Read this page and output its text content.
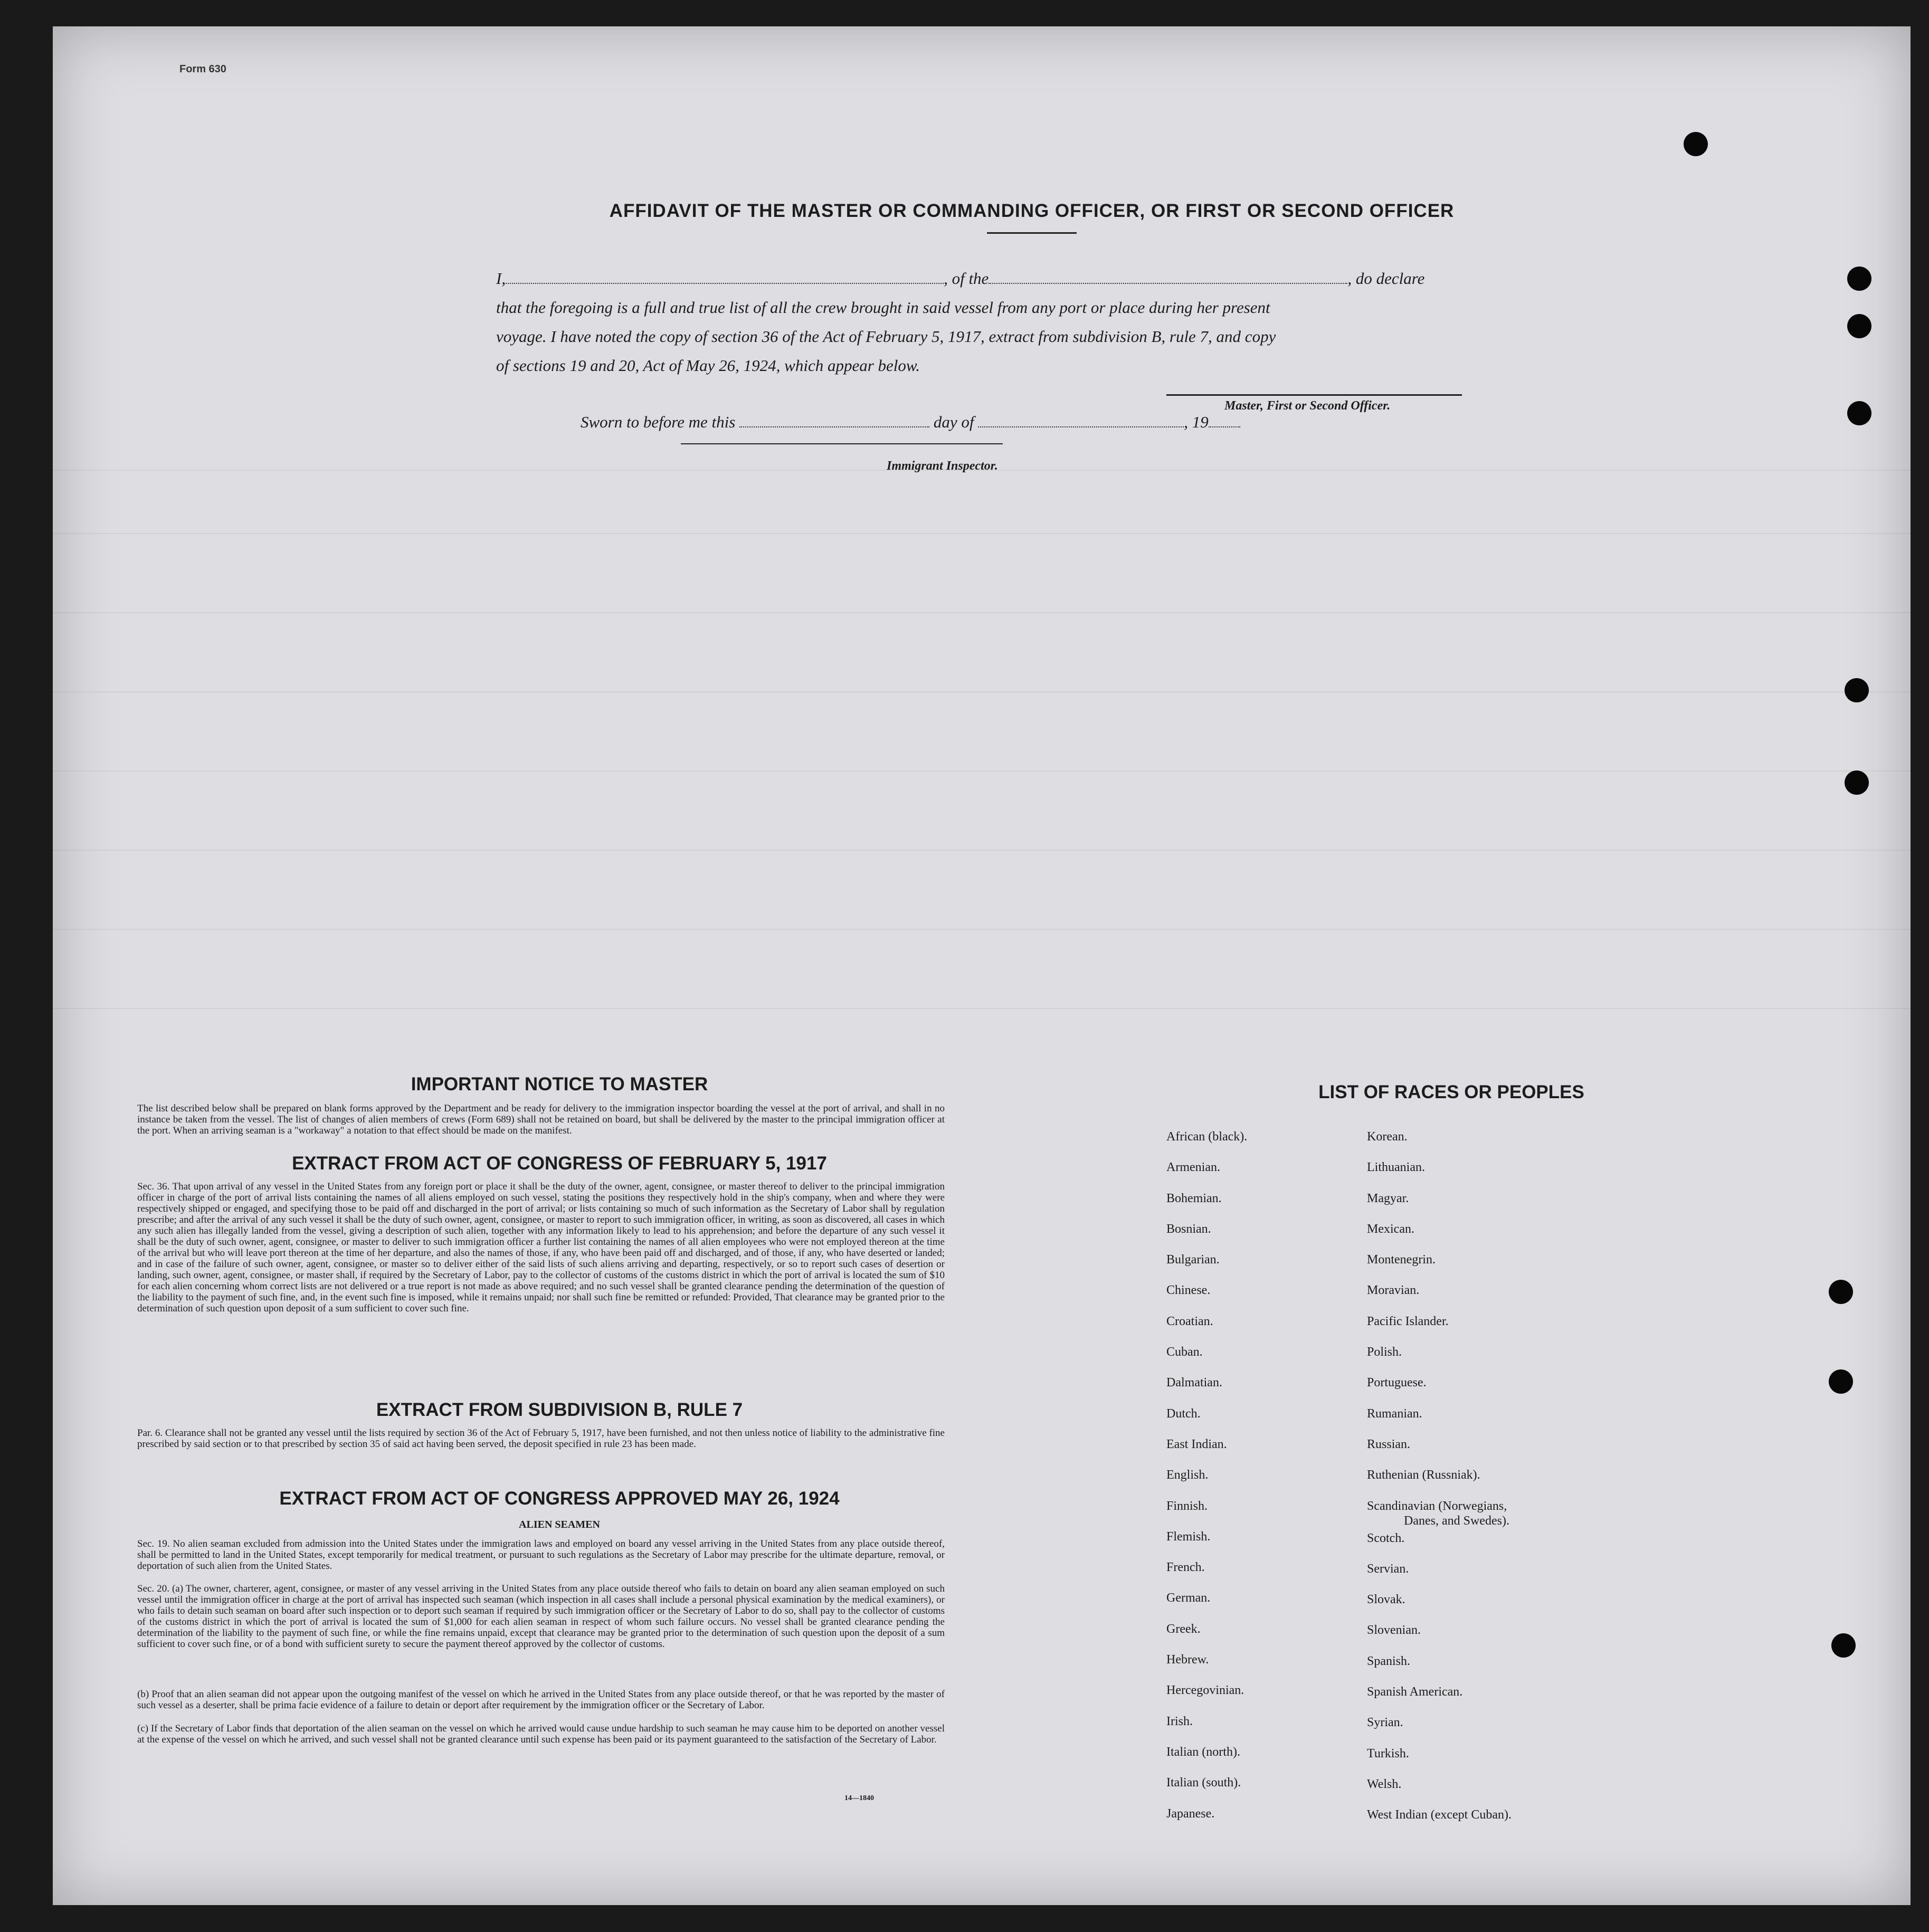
Form 630
AFFIDAVIT OF THE MASTER OR COMMANDING OFFICER, OR FIRST OR SECOND OFFICER
I,	, of the	, do declare
that the foregoing is a full and true list of all the crew brought in said vessel from any port or place during her present
voyage. I have noted the copy of section 36 of the Act of February 5, 1917, extract from subdivision B, rule 7, and copy
of sections 19 and 20, Act of May 26, 1924, which appear below.
Master, First or Second Officer.
Sworn to before me this	day of	, 19
Immigrant Inspector.
IMPORTANT NOTICE TO MASTER
The list described below shall be prepared on blank forms approved by the Department and be ready for delivery to the immigration inspector boarding the vessel at the port of arrival, and shall in no instance be taken from the vessel. The list of changes of alien members of crews (Form 689) shall not be retained on board, but shall be delivered by the master to the principal immigration officer at the port. When an arriving seaman is a "workaway" a notation to that effect should be made on the manifest.
EXTRACT FROM ACT OF CONGRESS OF FEBRUARY 5, 1917
Sec. 36. That upon arrival of any vessel in the United States from any foreign port or place it shall be the duty of the owner, agent, consignee, or master thereof to deliver to the principal immigration officer in charge of the port of arrival lists containing the names of all aliens employed on such vessel, stating the positions they respectively hold in the ship's company, when and where they were respectively shipped or engaged, and specifying those to be paid off and discharged in the port of arrival; or lists containing so much of such information as the Secretary of Labor shall by regulation prescribe; and after the arrival of any such vessel it shall be the duty of such owner, agent, consignee, or master to report to such immigration officer, in writing, as soon as discovered, all cases in which any such alien has illegally landed from the vessel, giving a description of such alien, together with any information likely to lead to his apprehension; and before the departure of any such vessel it shall be the duty of such owner, agent, consignee, or master to deliver to such immigration officer a further list containing the names of all alien employees who were not employed thereon at the time of the arrival but who will leave port thereon at the time of her departure, and also the names of those, if any, who have been paid off and discharged, and of those, if any, who have deserted or landed; and in case of the failure of such owner, agent, consignee, or master so to deliver either of the said lists of such aliens arriving and departing, respectively, or so to report such cases of desertion or landing, such owner, agent, consignee, or master shall, if required by the Secretary of Labor, pay to the collector of customs of the customs district in which the port of arrival is located the sum of $10 for each alien concerning whom correct lists are not delivered or a true report is not made as above required; and no such vessel shall be granted clearance pending the determination of the question of the liability to the payment of such fine, and, in the event such fine is imposed, while it remains unpaid; nor shall such fine be remitted or refunded: Provided, That clearance may be granted prior to the determination of such question upon deposit of a sum sufficient to cover such fine.
EXTRACT FROM SUBDIVISION B, RULE 7
Par. 6. Clearance shall not be granted any vessel until the lists required by section 36 of the Act of February 5, 1917, have been furnished, and not then unless notice of liability to the administrative fine prescribed by said section or to that prescribed by section 35 of said act having been served, the deposit specified in rule 23 has been made.
EXTRACT FROM ACT OF CONGRESS APPROVED MAY 26, 1924
ALIEN SEAMEN
Sec. 19. No alien seaman excluded from admission into the United States under the immigration laws and employed on board any vessel arriving in the United States from any place outside thereof, shall be permitted to land in the United States, except temporarily for medical treatment, or pursuant to such regulations as the Secretary of Labor may prescribe for the ultimate departure, removal, or deportation of such alien from the United States.
Sec. 20. (a) The owner, charterer, agent, consignee, or master of any vessel arriving in the United States from any place outside thereof who fails to detain on board any alien seaman employed on such vessel until the immigration officer in charge at the port of arrival has inspected such seaman (which inspection in all cases shall include a personal physical examination by the medical examiners), or who fails to detain such seaman on board after such inspection or to deport such seaman if required by such immigration officer or the Secretary of Labor to do so, shall pay to the collector of customs of the customs district in which the port of arrival is located the sum of $1,000 for each alien seaman in respect of whom such failure occurs. No vessel shall be granted clearance pending the determination of the liability to the payment of such fine, or while the fine remains unpaid, except that clearance may be granted prior to the determination of such question upon the deposit of a sum sufficient to cover such fine, or of a bond with sufficient surety to secure the payment thereof approved by the collector of customs.
(b) Proof that an alien seaman did not appear upon the outgoing manifest of the vessel on which he arrived in the United States from any place outside thereof, or that he was reported by the master of such vessel as a deserter, shall be prima facie evidence of a failure to detain or deport after requirement by the immigration officer or the Secretary of Labor.
(c) If the Secretary of Labor finds that deportation of the alien seaman on the vessel on which he arrived would cause undue hardship to such seaman he may cause him to be deported on another vessel at the expense of the vessel on which he arrived, and such vessel shall not be granted clearance until such expense has been paid or its payment guaranteed to the satisfaction of the Secretary of Labor.
14—1840
LIST OF RACES OR PEOPLES
African (black).
Armenian.
Bohemian.
Bosnian.
Bulgarian.
Chinese.
Croatian.
Cuban.
Dalmatian.
Dutch.
East Indian.
English.
Finnish.
Flemish.
French.
German.
Greek.
Hebrew.
Hercegovinian.
Irish.
Italian (north).
Italian (south).
Japanese.
Korean.
Lithuanian.
Magyar.
Mexican.
Montenegrin.
Moravian.
Pacific Islander.
Polish.
Portuguese.
Rumanian.
Russian.
Ruthenian (Russniak).
Scandinavian (Norwegians,
Danes, and Swedes).
Scotch.
Servian.
Slovak.
Slovenian.
Spanish.
Spanish American.
Syrian.
Turkish.
Welsh.
West Indian (except Cuban).
